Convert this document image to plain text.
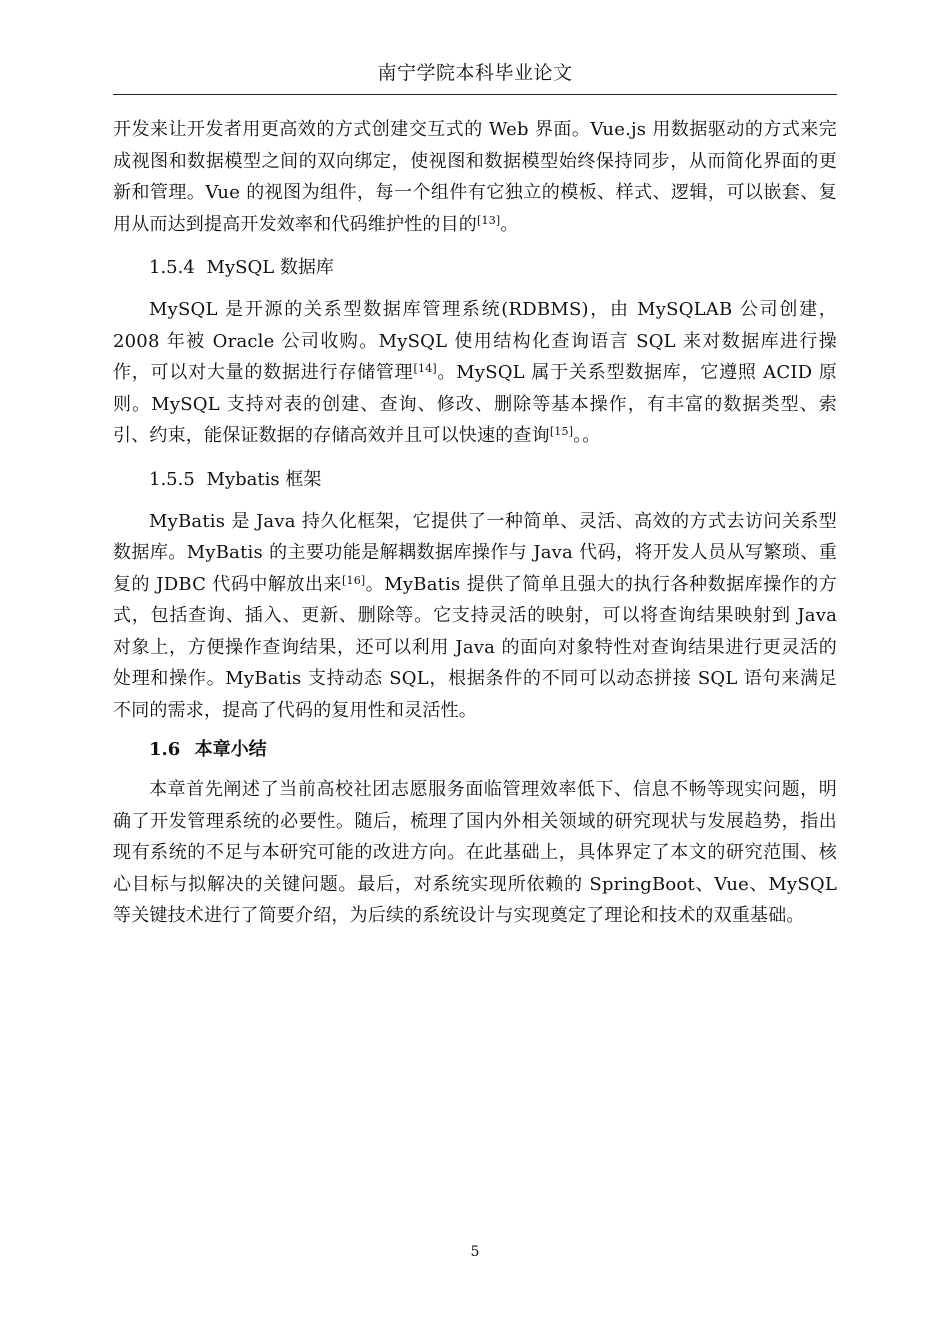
南宁学院本科毕业论文

开发来让开发者用更高效的方式创建交互式的 Web 界面。Vue.js 用数据驱动的方式来完成视图和数据模型之间的双向绑定，使视图和数据模型始终保持同步，从而简化界面的更新和管理。Vue 的视图为组件，每一个组件有它独立的模板、样式、逻辑，可以嵌套、复用从而达到提高开发效率和代码维护性的目的[13]。

1.5.4 MySQL 数据库

MySQL 是开源的关系型数据库管理系统(RDBMS)，由 MySQLAB 公司创建，2008 年被 Oracle 公司收购。MySQL 使用结构化查询语言 SQL 来对数据库进行操作，可以对大量的数据进行存储管理[14]。MySQL 属于关系型数据库，它遵照 ACID 原则。MySQL 支持对表的创建、查询、修改、删除等基本操作，有丰富的数据类型、索引、约束，能保证数据的存储高效并且可以快速的查询[15]。。

1.5.5 Mybatis 框架

MyBatis 是 Java 持久化框架，它提供了一种简单、灵活、高效的方式去访问关系型数据库。MyBatis 的主要功能是解耦数据库操作与 Java 代码，将开发人员从写繁琐、重复的 JDBC 代码中解放出来[16]。MyBatis 提供了简单且强大的执行各种数据库操作的方式，包括查询、插入、更新、删除等。它支持灵活的映射，可以将查询结果映射到 Java 对象上，方便操作查询结果，还可以利用 Java 的面向对象特性对查询结果进行更灵活的处理和操作。MyBatis 支持动态 SQL，根据条件的不同可以动态拼接 SQL 语句来满足不同的需求，提高了代码的复用性和灵活性。

1.6 本章小结

本章首先阐述了当前高校社团志愿服务面临管理效率低下、信息不畅等现实问题，明确了开发管理系统的必要性。随后，梳理了国内外相关领域的研究现状与发展趋势，指出现有系统的不足与本研究可能的改进方向。在此基础上，具体界定了本文的研究范围、核心目标与拟解决的关键问题。最后，对系统实现所依赖的 SpringBoot、Vue、MySQL 等关键技术进行了简要介绍，为后续的系统设计与实现奠定了理论和技术的双重基础。

5
